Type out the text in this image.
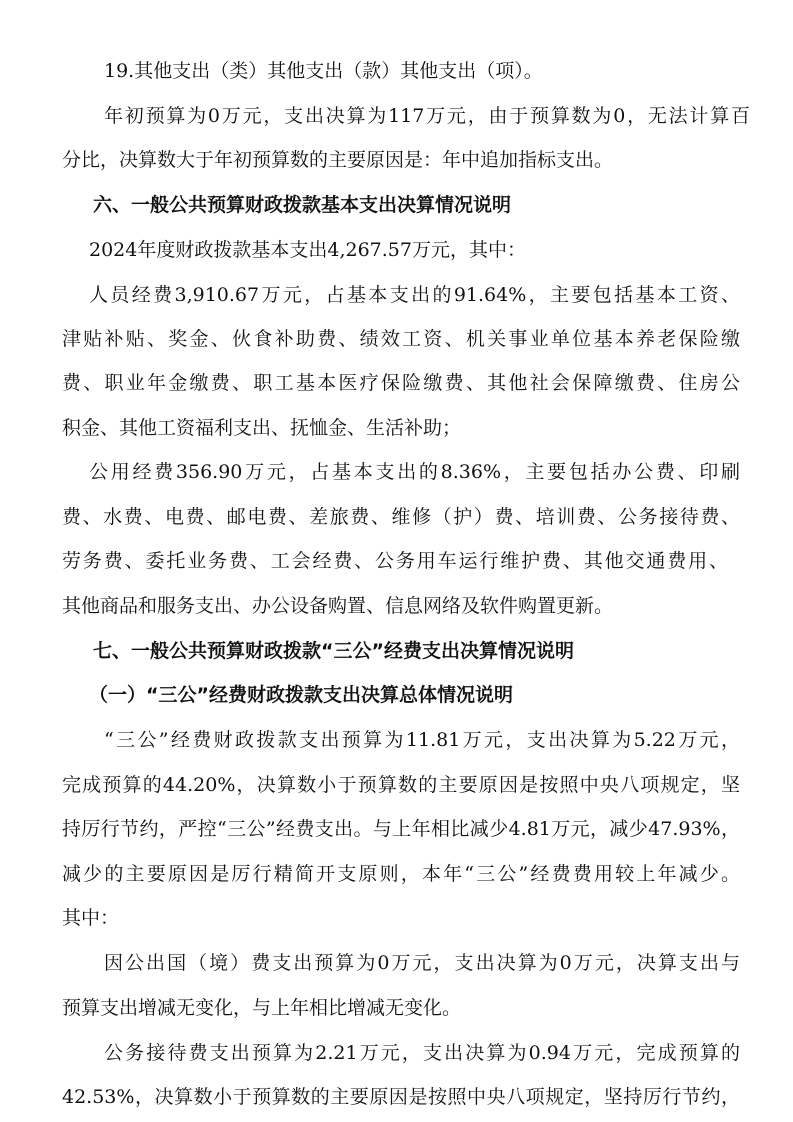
19.其他支出（类）其他支出（款）其他支出（项）。
年初预算为0万元，支出决算为117万元，由于预算数为0，无法计算百
分比，决算数大于年初预算数的主要原因是：年中追加指标支出。
六、一般公共预算财政拨款基本支出决算情况说明
2024年度财政拨款基本支出4,267.57万元，其中：
人员经费3,910.67万元，占基本支出的91.64%，主要包括基本工资、
津贴补贴、奖金、伙食补助费、绩效工资、机关事业单位基本养老保险缴
费、职业年金缴费、职工基本医疗保险缴费、其他社会保障缴费、住房公
积金、其他工资福利支出、抚恤金、生活补助；
公用经费356.90万元，占基本支出的8.36%，主要包括办公费、印刷
费、水费、电费、邮电费、差旅费、维修（护）费、培训费、公务接待费、
劳务费、委托业务费、工会经费、公务用车运行维护费、其他交通费用、
其他商品和服务支出、办公设备购置、信息网络及软件购置更新。
七、一般公共预算财政拨款“三公”经费支出决算情况说明
（一）“三公”经费财政拨款支出决算总体情况说明
“三公”经费财政拨款支出预算为11.81万元，支出决算为5.22万元，
完成预算的44.20%，决算数小于预算数的主要原因是按照中央八项规定，坚
持厉行节约，严控“三公”经费支出。与上年相比减少4.81万元，减少47.93%，
减少的主要原因是厉行精简开支原则，本年“三公”经费费用较上年减少。
其中：
因公出国（境）费支出预算为0万元，支出决算为0万元，决算支出与
预算支出增减无变化，与上年相比增减无变化。
公务接待费支出预算为2.21万元，支出决算为0.94万元，完成预算的
42.53%，决算数小于预算数的主要原因是按照中央八项规定，坚持厉行节约，
